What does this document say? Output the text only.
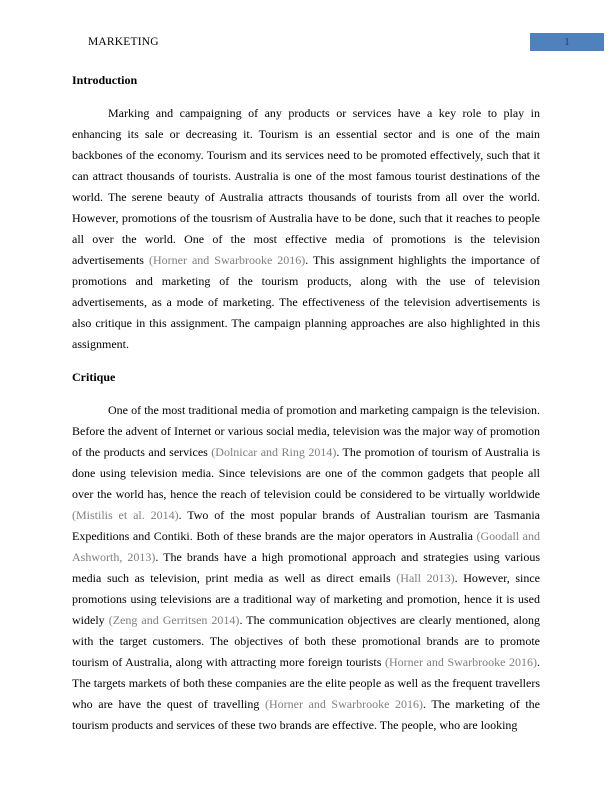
MARKETING	1
Introduction

Marking and campaigning of any products or services have a key role to play in enhancing its sale or decreasing it. Tourism is an essential sector and is one of the main backbones of the economy. Tourism and its services need to be promoted effectively, such that it can attract thousands of tourists. Australia is one of the most famous tourist destinations of the world. The serene beauty of Australia attracts thousands of tourists from all over the world. However, promotions of the tousrism of Australia have to be done, such that it reaches to people all over the world. One of the most effective media of promotions is the television advertisements (Horner and Swarbrooke 2016). This assignment highlights the importance of promotions and marketing of the tourism products, along with the use of television advertisements, as a mode of marketing. The effectiveness of the television advertisements is also critique in this assignment. The campaign planning approaches are also highlighted in this assignment.

Critique

One of the most traditional media of promotion and marketing campaign is the television. Before the advent of Internet or various social media, television was the major way of promotion of the products and services (Dolnicar and Ring 2014). The promotion of tourism of Australia is done using television media. Since televisions are one of the common gadgets that people all over the world has, hence the reach of television could be considered to be virtually worldwide (Mistilis et al. 2014). Two of the most popular brands of Australian tourism are Tasmania Expeditions and Contiki. Both of these brands are the major operators in Australia (Goodall and Ashworth, 2013). The brands have a high promotional approach and strategies using various media such as television, print media as well as direct emails (Hall 2013). However, since promotions using televisions are a traditional way of marketing and promotion, hence it is used widely (Zeng and Gerritsen 2014). The communication objectives are clearly mentioned, along with the target customers. The objectives of both these promotional brands are to promote tourism of Australia, along with attracting more foreign tourists (Horner and Swarbrooke 2016). The targets markets of both these companies are the elite people as well as the frequent travellers who are have the quest of travelling (Horner and Swarbrooke 2016). The marketing of the tourism products and services of these two brands are effective. The people, who are looking
